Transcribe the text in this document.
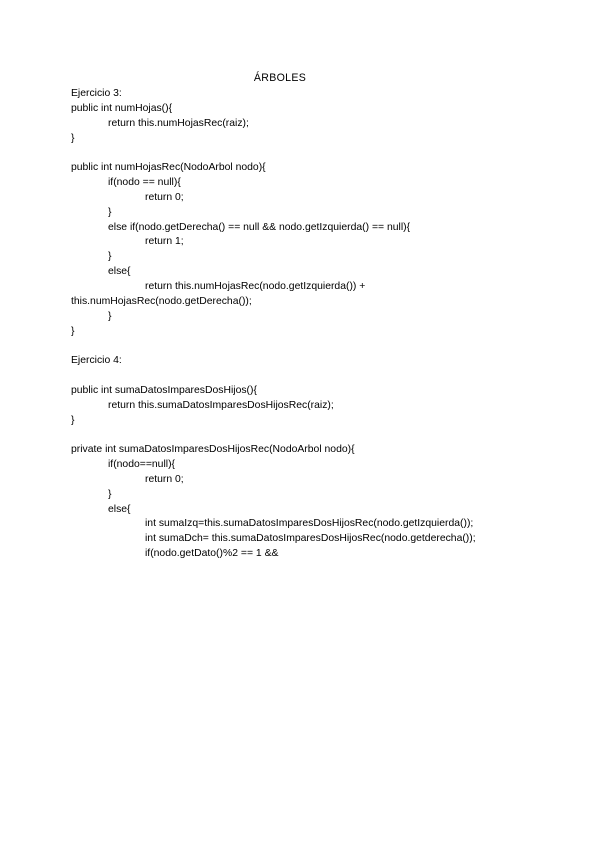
ÁRBOLES
Ejercicio 3:
public int numHojas(){
return this.numHojasRec(raiz);
}
public int numHojasRec(NodoArbol nodo){
if(nodo == null){
return 0;
}
else if(nodo.getDerecha() == null && nodo.getIzquierda() == null){
return 1;
}
else{
return this.numHojasRec(nodo.getIzquierda()) +
this.numHojasRec(nodo.getDerecha());
}
}
Ejercicio 4:
public int sumaDatosImparesDosHijos(){
return this.sumaDatosImparesDosHijosRec(raiz);
}
private int sumaDatosImparesDosHijosRec(NodoArbol nodo){
if(nodo==null){
return 0;
}
else{
int sumaIzq=this.sumaDatosImparesDosHijosRec(nodo.getIzquierda());
int sumaDch= this.sumaDatosImparesDosHijosRec(nodo.getderecha());
if(nodo.getDato()%2 == 1 &&
